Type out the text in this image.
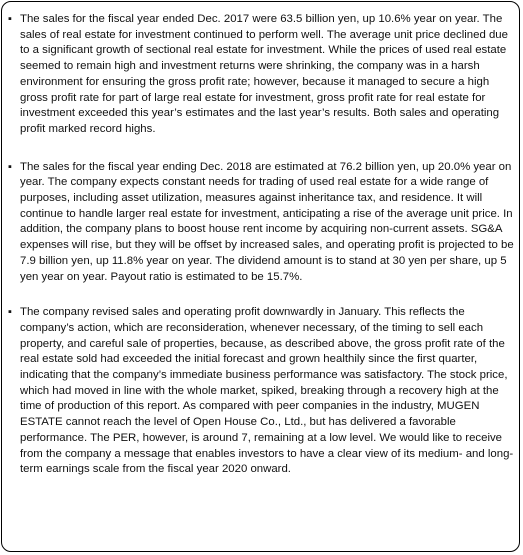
▪ The sales for the fiscal year ended Dec. 2017 were 63.5 billion yen, up 10.6% year on year. The sales of real estate for investment continued to perform well. The average unit price declined due to a significant growth of sectional real estate for investment. While the prices of used real estate seemed to remain high and investment returns were shrinking, the company was in a harsh environment for ensuring the gross profit rate; however, because it managed to secure a high gross profit rate for part of large real estate for investment, gross profit rate for real estate for investment exceeded this year’s estimates and the last year’s results. Both sales and operating profit marked record highs.

▪ The sales for the fiscal year ending Dec. 2018 are estimated at 76.2 billion yen, up 20.0% year on year. The company expects constant needs for trading of used real estate for a wide range of purposes, including asset utilization, measures against inheritance tax, and residence. It will continue to handle larger real estate for investment, anticipating a rise of the average unit price. In addition, the company plans to boost house rent income by acquiring non-current assets. SG&A expenses will rise, but they will be offset by increased sales, and operating profit is projected to be 7.9 billion yen, up 11.8% year on year. The dividend amount is to stand at 30 yen per share, up 5 yen year on year. Payout ratio is estimated to be 15.7%.

▪ The company revised sales and operating profit downwardly in January. This reflects the company’s action, which are reconsideration, whenever necessary, of the timing to sell each property, and careful sale of properties, because, as described above, the gross profit rate of the real estate sold had exceeded the initial forecast and grown healthily since the first quarter, indicating that the company’s immediate business performance was satisfactory. The stock price, which had moved in line with the whole market, spiked, breaking through a recovery high at the time of production of this report. As compared with peer companies in the industry, MUGEN ESTATE cannot reach the level of Open House Co., Ltd., but has delivered a favorable performance. The PER, however, is around 7, remaining at a low level. We would like to receive from the company a message that enables investors to have a clear view of its medium- and long-term earnings scale from the fiscal year 2020 onward.
